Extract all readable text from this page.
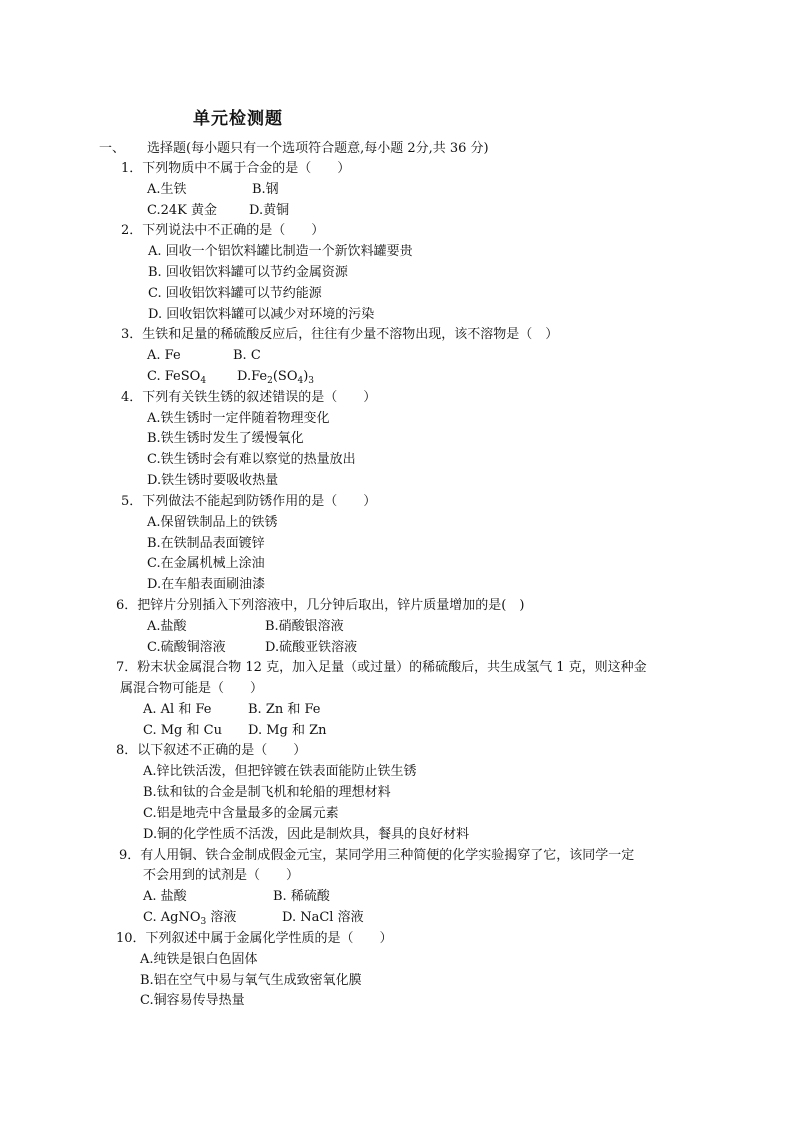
单元检测题
一、 选择题(每小题只有一个选项符合题意,每小题 2分,共 36 分)
1．下列物质中不属于合金的是（　　）
A.生铁	B.钢
C.24K 黄金 D.黄铜
2．下列说法中不正确的是（　　）
A. 回收一个铝饮料罐比制造一个新饮料罐要贵
B. 回收铝饮料罐可以节约金属资源
C. 回收铝饮料罐可以节约能源
D. 回收铝饮料罐可以减少对环境的污染
3．生铁和足量的稀硫酸反应后，往往有少量不溶物出现，该不溶物是（　）
A. Fe	B. C
C. FeSO$_4$ $D.Fe_2(SO_4)_3$
4．下列有关铁生锈的叙述错误的是（　　）
A.铁生锈时一定伴随着物理变化
B.铁生锈时发生了缓慢氧化
C.铁生锈时会有难以察觉的热量放出
D.铁生锈时要吸收热量
5．下列做法不能起到防锈作用的是（　　）
A.保留铁制品上的铁锈
B.在铁制品表面镀锌
C.在金属机械上涂油
D.在车船表面刷油漆
6．把锌片分别插入下列溶液中，几分钟后取出，锌片质量增加的是(　)
A.盐酸	B.硝酸银溶液
C.硫酸铜溶液	D.硫酸亚铁溶液
7．粉末状金属混合物 12 克，加入足量（或过量）的稀硫酸后，共生成氢气 1 克，则这种金
属混合物可能是（　　）
A. Al 和 Fe	B. Zn 和 Fe
C. Mg 和 Cu D. Mg 和 Zn
8．以下叙述不正确的是（　　）
A.锌比铁活泼，但把锌镀在铁表面能防止铁生锈
B.钛和钛的合金是制飞机和轮船的理想材料
C.铝是地壳中含量最多的金属元素
D.铜的化学性质不活泼，因此是制炊具，餐具的良好材料
9．有人用铜、铁合金制成假金元宝，某同学用三种简便的化学实验揭穿了它，该同学一定
不会用到的试剂是（　　）
A. 盐酸	B. 稀硫酸
C. AgNO$_3$ 溶液	D. NaCl 溶液
10．下列叙述中属于金属化学性质的是（　　）
A.纯铁是银白色固体
B.铝在空气中易与氧气生成致密氧化膜
C.铜容易传导热量
